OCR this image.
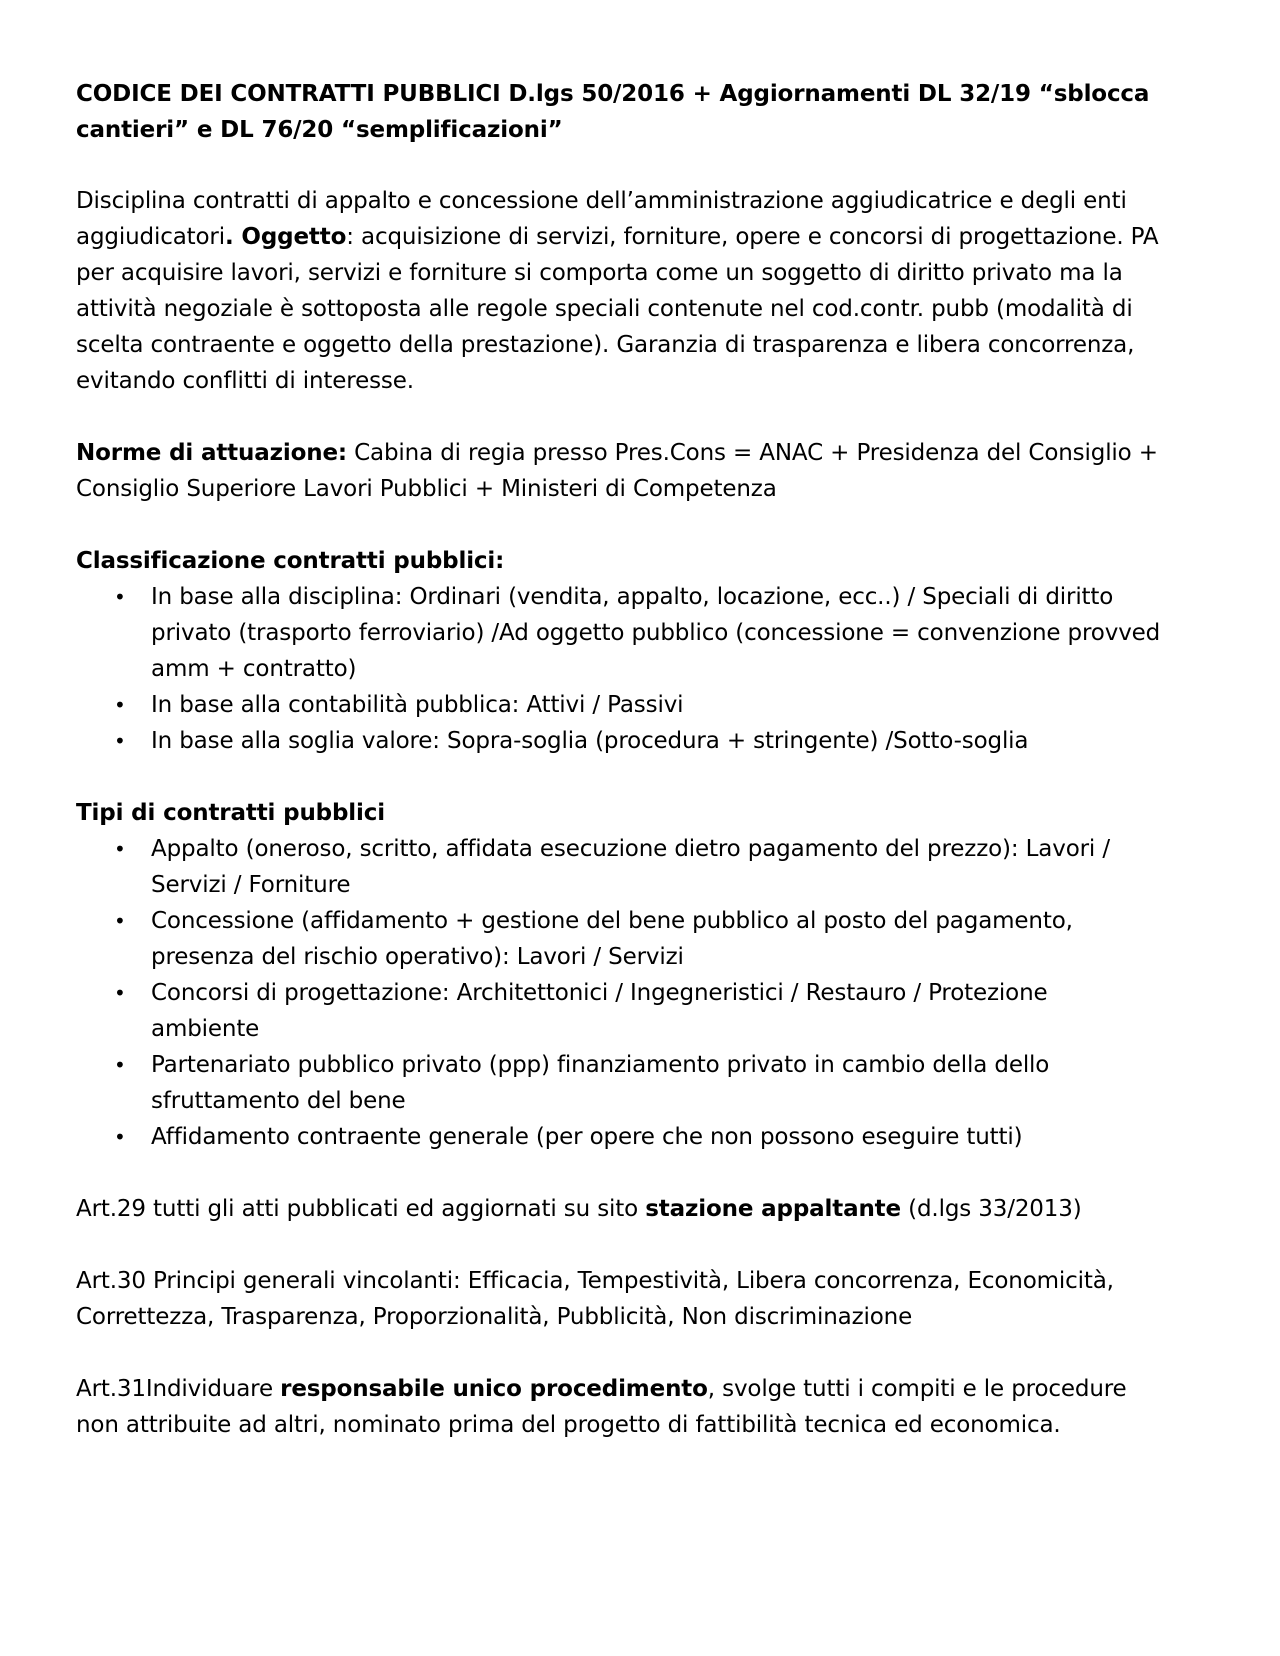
CODICE DEI CONTRATTI PUBBLICI D.lgs 50/2016 + Aggiornamenti DL 32/19 “sblocca cantieri” e DL 76/20 “semplificazioni”

Disciplina contratti di appalto e concessione dell’amministrazione aggiudicatrice e degli enti aggiudicatori. Oggetto: acquisizione di servizi, forniture, opere e concorsi di progettazione. PA per acquisire lavori, servizi e forniture si comporta come un soggetto di diritto privato ma la attività negoziale è sottoposta alle regole speciali contenute nel cod.contr. pubb (modalità di scelta contraente e oggetto della prestazione). Garanzia di trasparenza e libera concorrenza, evitando conflitti di interesse.

Norme di attuazione: Cabina di regia presso Pres.Cons = ANAC + Presidenza del Consiglio + Consiglio Superiore Lavori Pubblici + Ministeri di Competenza

Classificazione contratti pubblici:
• In base alla disciplina: Ordinari (vendita, appalto, locazione, ecc..) / Speciali di diritto privato (trasporto ferroviario) /Ad oggetto pubblico (concessione = convenzione provved amm + contratto)
• In base alla contabilità pubblica: Attivi / Passivi
• In base alla soglia valore: Sopra-soglia (procedura + stringente) /Sotto-soglia
Tipi di contratti pubblici
• Appalto (oneroso, scritto, affidata esecuzione dietro pagamento del prezzo): Lavori / Servizi / Forniture
• Concessione (affidamento + gestione del bene pubblico al posto del pagamento, presenza del rischio operativo): Lavori / Servizi
• Concorsi di progettazione: Architettonici / Ingegneristici / Restauro / Protezione ambiente
• Partenariato pubblico privato (ppp) finanziamento privato in cambio della dello sfruttamento del bene
• Affidamento contraente generale (per opere che non possono eseguire tutti)

Art.29 tutti gli atti pubblicati ed aggiornati su sito stazione appaltante (d.lgs 33/2013)

Art.30 Principi generali vincolanti: Efficacia, Tempestività, Libera concorrenza, Economicità, Correttezza, Trasparenza, Proporzionalità, Pubblicità, Non discriminazione

Art.31Individuare responsabile unico procedimento, svolge tutti i compiti e le procedure non attribuite ad altri, nominato prima del progetto di fattibilità tecnica ed economica.
